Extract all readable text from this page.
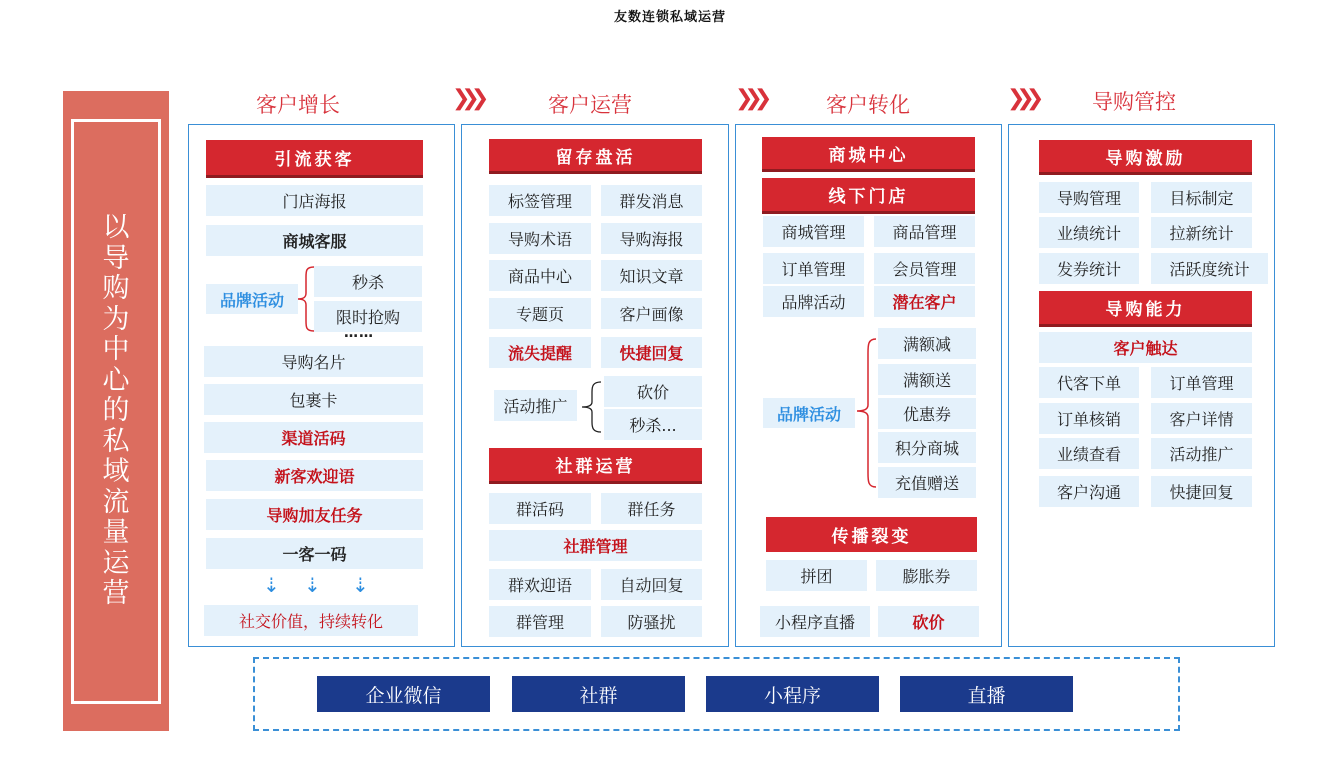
友数连锁私域运营
以导购为中心的私域流量运营
客户增长	❯❯❯	客户运营	❯❯❯	客户转化	❯❯❯	导购管控
引流获客
门店海报
商城客服
品牌活动
秒杀
限时抢购
……
导购名片
包裹卡
渠道活码
新客欢迎语
导购加友任务
一客一码
⇣ ⇣ ⇣
社交价值，持续转化
留存盘活
标签管理	群发消息
导购术语	导购海报
商品中心	知识文章
专题页	客户画像
流失提醒	快捷回复
活动推广
砍价
秒杀...
社群运营
群活码	群任务
社群管理
群欢迎语	自动回复
群管理	防骚扰
商城中心
线下门店
商城管理	商品管理
订单管理	会员管理
品牌活动	潜在客户
品牌活动
满额减
满额送
优惠券
积分商城
充值赠送
传播裂变
拼团	膨胀券
小程序直播	砍价
导购激励
导购管理	目标制定
业绩统计	拉新统计
发券统计	活跃度统计
导购能力
客户触达
代客下单	订单管理
订单核销	客户详情
业绩查看	活动推广
客户沟通	快捷回复
企业微信	社群	小程序	直播
